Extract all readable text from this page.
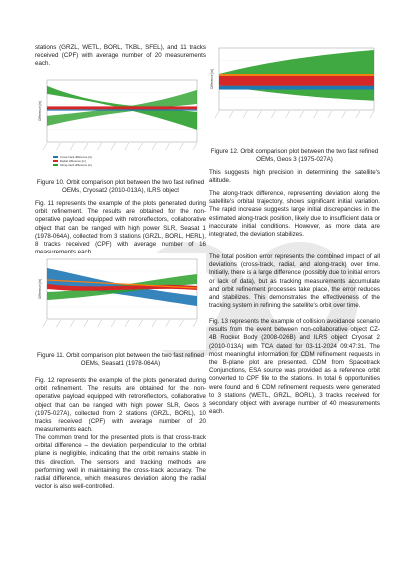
stations (GRZL, WETL, BORL, TKBL, SFEL), and 11 tracks received (CPF) with average number of 20 measurements each.
Difference [m]
Cross-track difference [m]
Radial difference [m]
Along-track difference [m]
Figure 10. Orbit comparison plot between the two fast refined OEMs, Cryosat2 (2010-013A), ILRS object
Fig. 11 represents the example of the plots generated during orbit refinement. The results are obtained for the non-operative payload equipped with retroreflectors, collaborative object that can be ranged with high power SLR, Seasat 1 (1978-064A), collected from 3 stations (GRZL, BORL, HERL), 8 tracks received (CPF) with average number of 16
Difference [m]
Figure 11. Orbit comparison plot between the two fast refined OEMs, Seasat1 (1978-064A)
Fig. 12 represents the example of the plots generated during orbit refinement. The results are obtained for the non-operative payload equipped with retroreflectors, collaborative object that can be ranged with high power SLR, Geos 3 (1975-027A), collected from 2 stations (GRZL, BORL), 10 tracks received (CPF) with average number of 20 measurements each.
The common trend for the presented plots is that cross-track orbital difference – the deviation perpendicular to the orbital plane is negligible, indicating that the orbit remains stable in this direction. The sensors and tracking methods are performing well in maintaining the cross-track accuracy. The radial difference, which measures deviation along the radial vector is also well-controlled.
Difference [m]
Figure 12. Orbit comparison plot between the two fast refined OEMs, Geos 3 (1975-027A)
This suggests high precision in determining the satellite's altitude.
The along-track difference, representing deviation along the satellite's orbital trajectory, shows significant initial variation. The rapid increase suggests large initial discrepancies in the estimated along-track position, likely due to insufficient data or inaccurate initial conditions. However, as more data are integrated, the deviation stabilizes.
The total position error represents the combined impact of all deviations (cross-track, radial, and along-track) over time. Initially, there is a large difference (possibly due to initial errors or lack of data), but as tracking measurements accumulate and orbit refinement processes take place, the error reduces and stabilizes. This demonstrates the effectiveness of the tracking system in refining the satellite's orbit over time.
Fig. 13 represents the example of collision avoidance scenario results from the event between non-collaborative object CZ-4B Rocket Body (2008-026B) and ILRS object Cryosat 2 (2010-013A) with TCA dated for 03-11-2024 09:47:31. The most meaningful information for CDM refinement requests in the B-plane plot are presented. CDM from Spacetrack Conjunctions, ESA source was provided as a reference orbit converted to CPF file to the stations. In total 6 opportunities were found and 6 CDM refinement requests were generated to 3 stations (WETL, GRZL, BORL), 3 tracks received for secondary object with average number of 40 measurements each.
